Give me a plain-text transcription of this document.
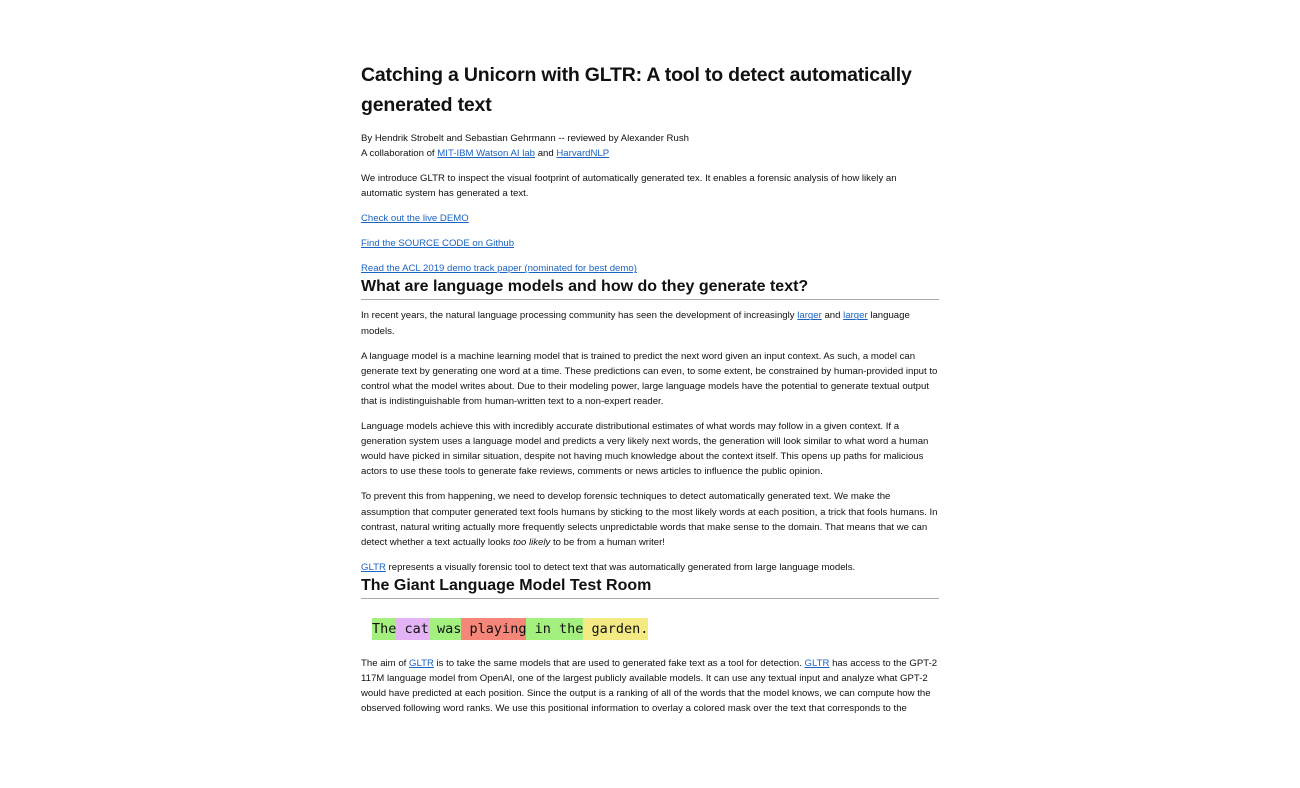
Catching a Unicorn with GLTR: A tool to detect automatically generated text
By Hendrik Strobelt and Sebastian Gehrmann -- reviewed by Alexander Rush
A collaboration of MIT-IBM Watson AI lab and HarvardNLP

We introduce GLTR to inspect the visual footprint of automatically generated tex. It enables a forensic analysis of how likely an automatic system has generated a text.

Check out the live DEMO

Find the SOURCE CODE on Github

Read the ACL 2019 demo track paper (nominated for best demo)

What are language models and how do they generate text?

In recent years, the natural language processing community has seen the development of increasingly larger and larger language models.

A language model is a machine learning model that is trained to predict the next word given an input context. As such, a model can generate text by generating one word at a time. These predictions can even, to some extent, be constrained by human-provided input to control what the model writes about. Due to their modeling power, large language models have the potential to generate textual output that is indistinguishable from human-written text to a non-expert reader.

Language models achieve this with incredibly accurate distributional estimates of what words may follow in a given context. If a generation system uses a language model and predicts a very likely next words, the generation will look similar to what word a human would have picked in similar situation, despite not having much knowledge about the context itself. This opens up paths for malicious actors to use these tools to generate fake reviews, comments or news articles to influence the public opinion.

To prevent this from happening, we need to develop forensic techniques to detect automatically generated text. We make the assumption that computer generated text fools humans by sticking to the most likely words at each position, a trick that fools humans. In contrast, natural writing actually more frequently selects unpredictable words that make sense to the domain. That means that we can detect whether a text actually looks too likely to be from a human writer!

GLTR represents a visually forensic tool to detect text that was automatically generated from large language models.

The Giant Language Model Test Room
The cat was playing in the garden.

The aim of GLTR is to take the same models that are used to generated fake text as a tool for detection. GLTR has access to the GPT-2 117M language model from OpenAI, one of the largest publicly available models. It can use any textual input and analyze what GPT-2 would have predicted at each position. Since the output is a ranking of all of the words that the model knows, we can compute how the observed following word ranks. We use this positional information to overlay a colored mask over the text that corresponds to the
